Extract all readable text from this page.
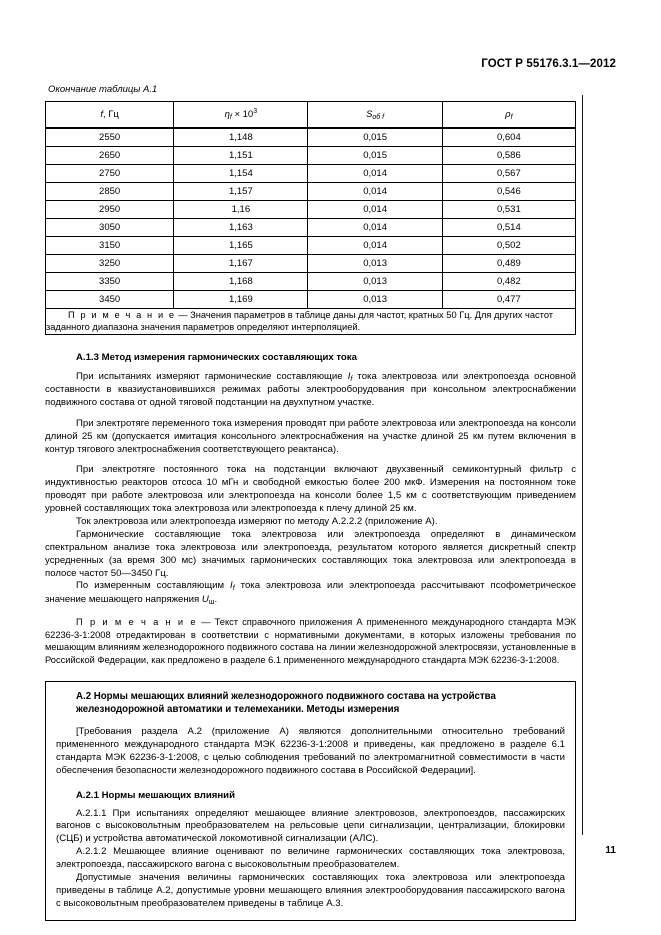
ГОСТ Р 55176.3.1—2012
Окончание таблицы А.1
f, Гц	$\eta_f \times 10^3$	$S_{об f}$	$\rho_f$
2550	1,148	0,015	0,604
2650	1,151	0,015	0,586
2750	1,154	0,014	0,567
2850	1,157	0,014	0,546
2950	1,16	0,014	0,531
3050	1,163	0,014	0,514
3150	1,165	0,014	0,502
3250	1,167	0,013	0,489
3350	1,168	0,013	0,482
3450	1,169	0,013	0,477
П р и м е ч а н и е — Значения параметров в таблице даны для частот, кратных 50 Гц. Для других частот заданного диапазона значения параметров определяют интерполяцией.			
А.1.3 Метод измерения гармонических составляющих тока

При испытаниях измеряют гармонические составляющие $I_f$ тока электровоза или электропоезда основной составности в квазиустановившихся режимах работы электрооборудования при консольном электроснабжении подвижного состава от одной тяговой подстанции на двухпутном участке.

При электротяге переменного тока измерения проводят при работе электровоза или электропоезда на консоли длиной 25 км (допускается имитация консольного электроснабжения на участке длиной 25 км путем включения в контур тягового электроснабжения соответствующего реактанса).

При электротяге постоянного тока на подстанции включают двухзвенный семиконтурный фильтр с индуктивностью реакторов отсоса 10 мГн и свободной емкостью более 200 мкФ. Измерения на постоянном токе проводят при работе электровоза или электропоезда на консоли более 1,5 км с соответствующим приведением уровней составляющих тока электровоза или электропоезда к плечу длиной 25 км.

Ток электровоза или электропоезда измеряют по методу А.2.2.2 (приложение А).

Гармонические составляющие тока электровоза или электропоезда определяют в динамическом спектральном анализе тока электровоза или электропоезда, результатом которого является дискретный спектр усредненных (за время 300 мс) значимых гармонических составляющих тока электровоза или электропоезда в полосе частот 50—3450 Гц.

По измеренным составляющим $I_f$ тока электровоза или электропоезда рассчитывают псофометрическое значение мешающего напряжения $U_ш$.

П р и м е ч а н и е — Текст справочного приложения А примененного международного стандарта МЭК 62236-3-1:2008 отредактирован в соответствии с нормативными документами, в которых изложены требования по мешающим влияниям железнодорожного подвижного состава на линии железнодорожной электросвязи, установленные в Российской Федерации, как предложено в разделе 6.1 примененного международного стандарта МЭК 62236-3-1:2008.

А.2 Нормы мешающих влияний железнодорожного подвижного состава на устройства железнодорожной автоматики и телемеханики. Методы измерения

[Требования раздела А.2 (приложение А) являются дополнительными относительно требований примененного международного стандарта МЭК 62236-3-1:2008 и приведены, как предложено в разделе 6.1 стандарта МЭК 62236-3-1:2008, с целью соблюдения требований по электромагнитной совместимости в части обеспечения безопасности железнодорожного подвижного состава в Российской Федерации].

А.2.1 Нормы мешающих влияний

А.2.1.1 При испытаниях определяют мешающее влияние электровозов, электропоездов, пассажирских вагонов с высоковольтным преобразователем на рельсовые цепи сигнализации, централизации, блокировки (СЦБ) и устройства автоматической локомотивной сигнализации (АЛС).

А.2.1.2 Мешающее влияние оценивают по величине гармонических составляющих тока электровоза, электропоезда, пассажирского вагона с высоковольтным преобразователем.

Допустимые значения величины гармонических составляющих тока электровоза или электропоезда приведены в таблице А.2, допустимые уровни мешающего влияния электрооборудования пассажирского вагона с высоковольтным преобразователем приведены в таблице А.3.

11
